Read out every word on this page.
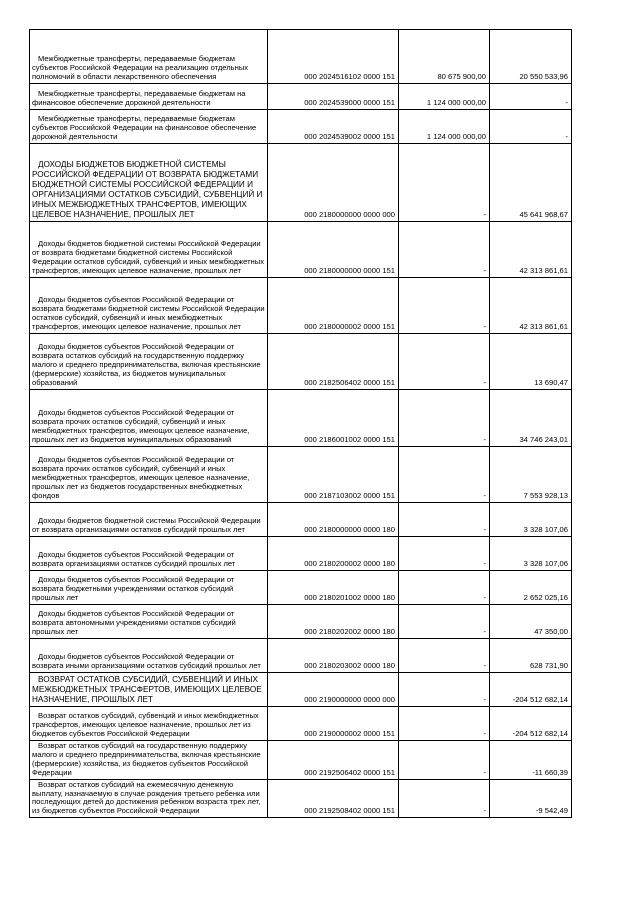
Межбюджетные трансферты, передаваемые бюджетам субъектов Российской Федерации на реализацию отдельных полномочий в области лекарственного обеспечения	000 2024516102 0000 151	80 675 900,00	20 550 533,96
Межбюджетные трансферты, передаваемые бюджетам на финансовое обеспечение дорожной деятельности	000 2024539000 0000 151	1 124 000 000,00	-
Межбюджетные трансферты, передаваемые бюджетам субъектов Российской Федерации на финансовое обеспечение дорожной деятельности	000 2024539002 0000 151	1 124 000 000,00	-
ДОХОДЫ БЮДЖЕТОВ БЮДЖЕТНОЙ СИСТЕМЫ РОССИЙСКОЙ ФЕДЕРАЦИИ ОТ ВОЗВРАТА БЮДЖЕТАМИ БЮДЖЕТНОЙ СИСТЕМЫ РОССИЙСКОЙ ФЕДЕРАЦИИ И ОРГАНИЗАЦИЯМИ ОСТАТКОВ СУБСИДИЙ, СУБВЕНЦИЙ И ИНЫХ МЕЖБЮДЖЕТНЫХ ТРАНСФЕРТОВ, ИМЕЮЩИХ ЦЕЛЕВОЕ НАЗНАЧЕНИЕ, ПРОШЛЫХ ЛЕТ	000 2180000000 0000 000	-	45 641 968,67
Доходы бюджетов бюджетной системы Российской Федерации от возврата бюджетами бюджетной системы Российской Федерации остатков субсидий, субвенций и иных межбюджетных трансфертов, имеющих целевое назначение, прошлых лет	000 2180000000 0000 151	-	42 313 861,61
Доходы бюджетов субъектов Российской Федерации от возврата бюджетами бюджетной системы Российской Федерации остатков субсидий, субвенций и иных межбюджетных трансфертов, имеющих целевое назначение, прошлых лет	000 2180000002 0000 151	-	42 313 861,61
Доходы бюджетов субъектов Российской Федерации от возврата остатков субсидий на государственную поддержку малого и среднего предпринимательства, включая крестьянские (фермерские) хозяйства, из бюджетов муниципальных образований	000 2182506402 0000 151	-	13 690,47
Доходы бюджетов субъектов Российской Федерации от возврата прочих остатков субсидий, субвенций и иных межбюджетных трансфертов, имеющих целевое назначение, прошлых лет из бюджетов муниципальных образований	000 2186001002 0000 151	-	34 746 243,01
Доходы бюджетов субъектов Российской Федерации от возврата прочих остатков субсидий, субвенций и иных межбюджетных трансфертов, имеющих целевое назначение, прошлых лет из бюджетов государственных внебюджетных фондов	000 2187103002 0000 151	-	7 553 928,13
Доходы бюджетов бюджетной системы Российской Федерации от возврата организациями остатков субсидий прошлых лет	000 2180000000 0000 180	-	3 328 107,06
Доходы бюджетов субъектов Российской Федерации от возврата организациями остатков субсидий прошлых лет	000 2180200002 0000 180	-	3 328 107,06
Доходы бюджетов субъектов Российской Федерации от возврата бюджетными учреждениями остатков субсидий прошлых лет	000 2180201002 0000 180	-	2 652 025,16
Доходы бюджетов субъектов Российской Федерации от возврата автономными учреждениями остатков субсидий прошлых лет	000 2180202002 0000 180	-	47 350,00
Доходы бюджетов субъектов Российской Федерации от возврата иными организациями остатков субсидий прошлых лет	000 2180203002 0000 180	-	628 731,90
ВОЗВРАТ ОСТАТКОВ СУБСИДИЙ, СУБВЕНЦИЙ И ИНЫХ МЕЖБЮДЖЕТНЫХ ТРАНСФЕРТОВ, ИМЕЮЩИХ ЦЕЛЕВОЕ НАЗНАЧЕНИЕ, ПРОШЛЫХ ЛЕТ	000 2190000000 0000 000	-	-204 512 682,14
Возврат остатков субсидий, субвенций и иных межбюджетных трансфертов, имеющих целевое назначение, прошлых лет из бюджетов субъектов Российской Федерации	000 2190000002 0000 151	-	-204 512 682,14
Возврат остатков субсидий на государственную поддержку малого и среднего предпринимательства, включая крестьянские (фермерские) хозяйства, из бюджетов субъектов Российской Федерации	000 2192506402 0000 151	-	-11 660,39
Возврат остатков субсидий на ежемесячную денежную выплату, назначаемую в случае рождения третьего ребенка или последующих детей до достижения ребенком возраста трех лет, из бюджетов субъектов Российской Федерации	000 2192508402 0000 151	-	-9 542,49
